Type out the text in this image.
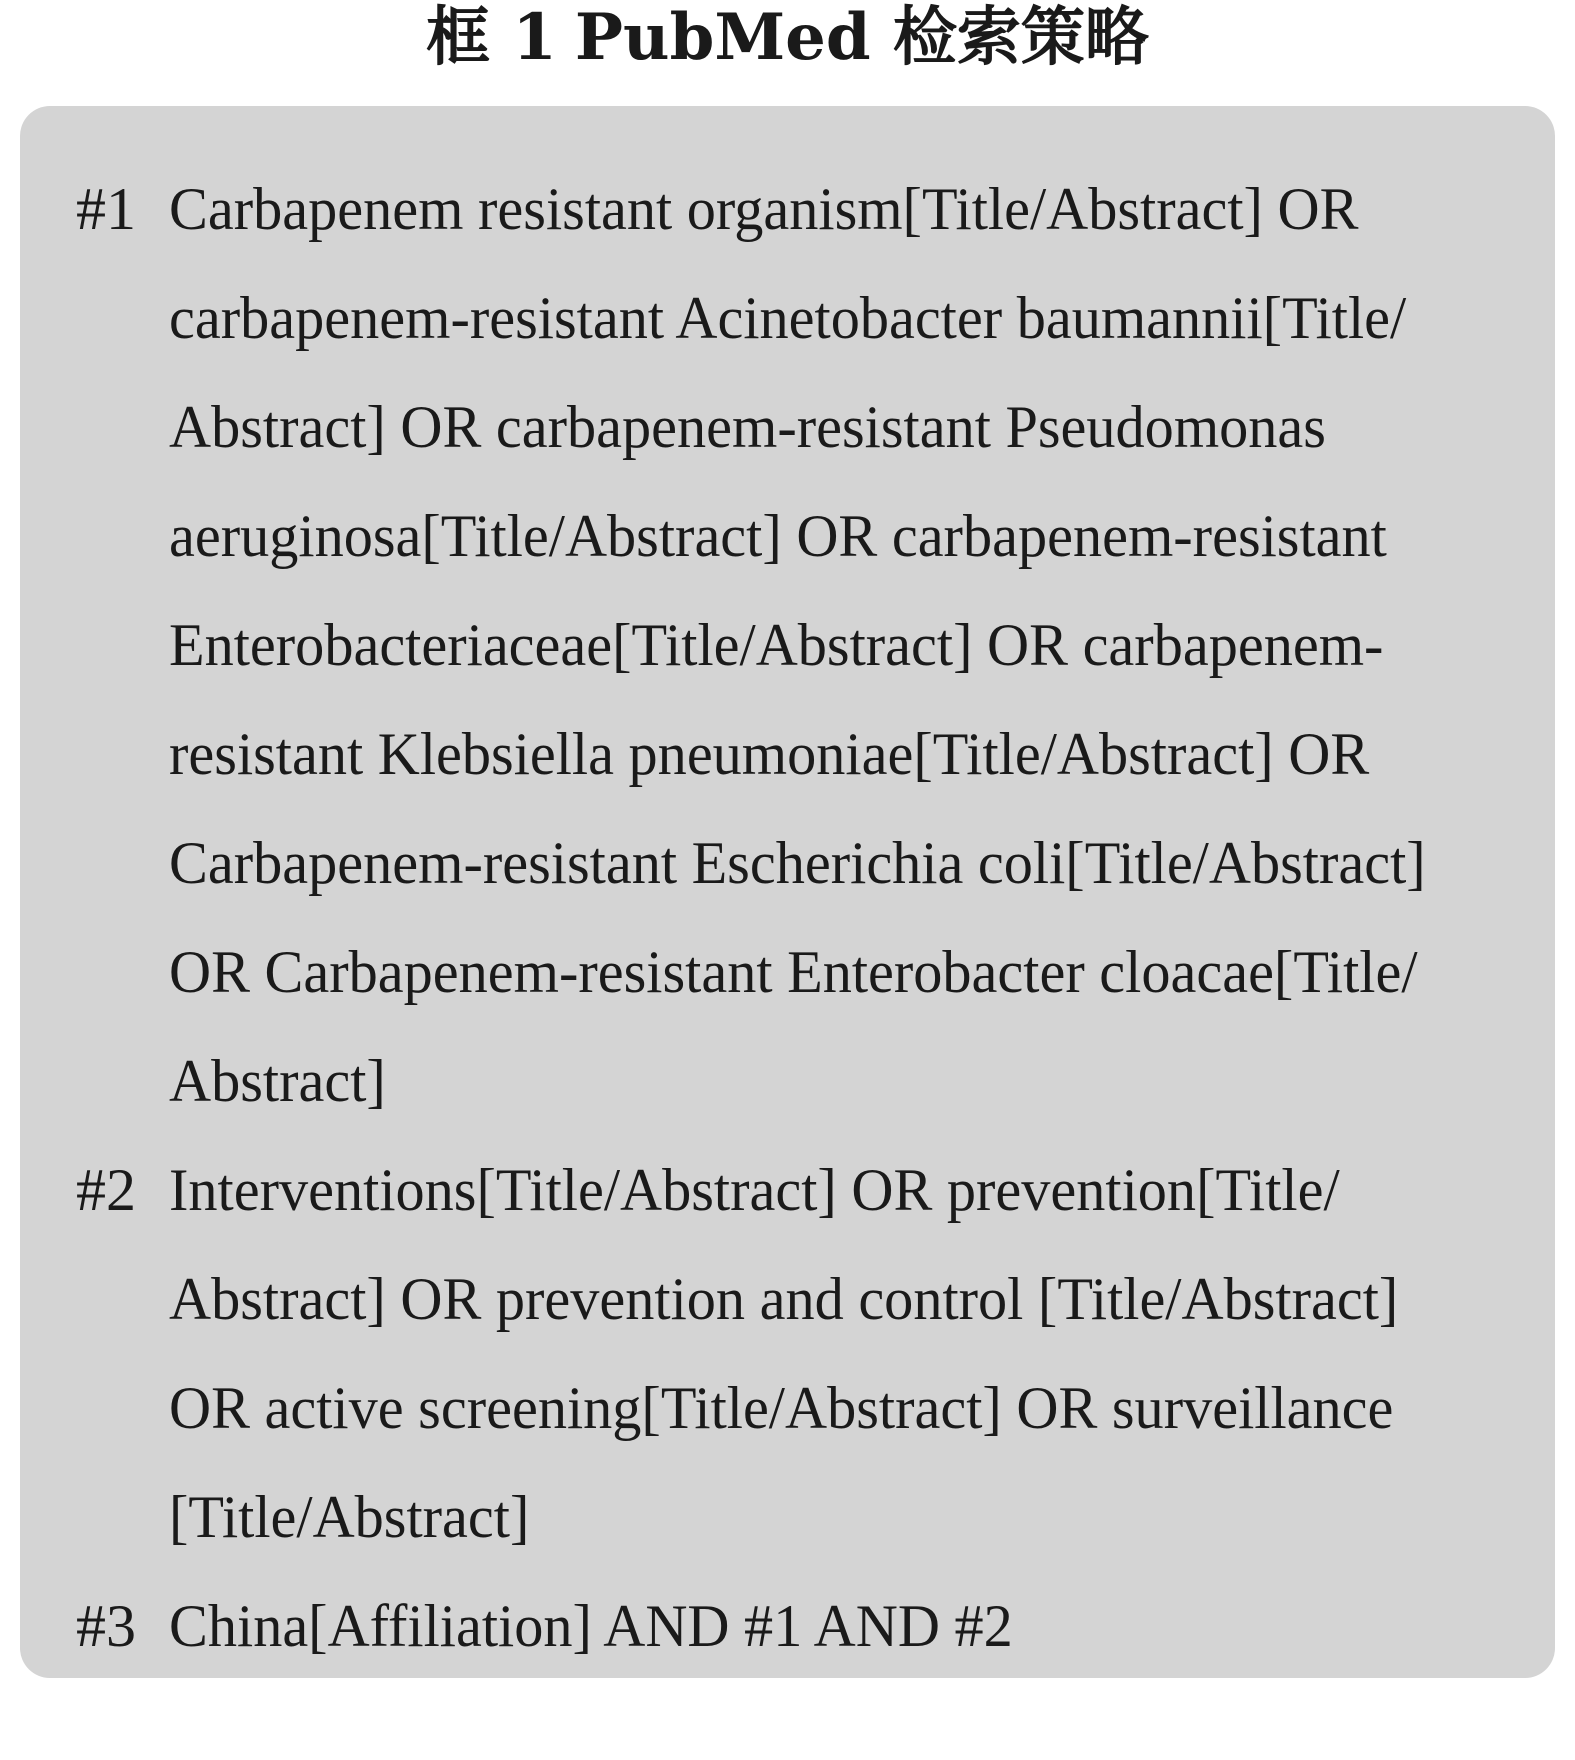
框 1 PubMed 检索策略
#1 Carbapenem resistant organism[Title/Abstract] OR
carbapenem-resistant Acinetobacter baumannii[Title/
Abstract] OR carbapenem-resistant Pseudomonas
aeruginosa[Title/Abstract] OR carbapenem-resistant
Enterobacteriaceae[Title/Abstract] OR carbapenem-
resistant Klebsiella pneumoniae[Title/Abstract] OR
Carbapenem-resistant Escherichia coli[Title/Abstract]
OR Carbapenem-resistant Enterobacter cloacae[Title/
Abstract]
#2 Interventions[Title/Abstract] OR prevention[Title/
Abstract] OR prevention and control [Title/Abstract]
OR active screening[Title/Abstract] OR surveillance
[Title/Abstract]
#3 China[Affiliation] AND #1 AND #2
